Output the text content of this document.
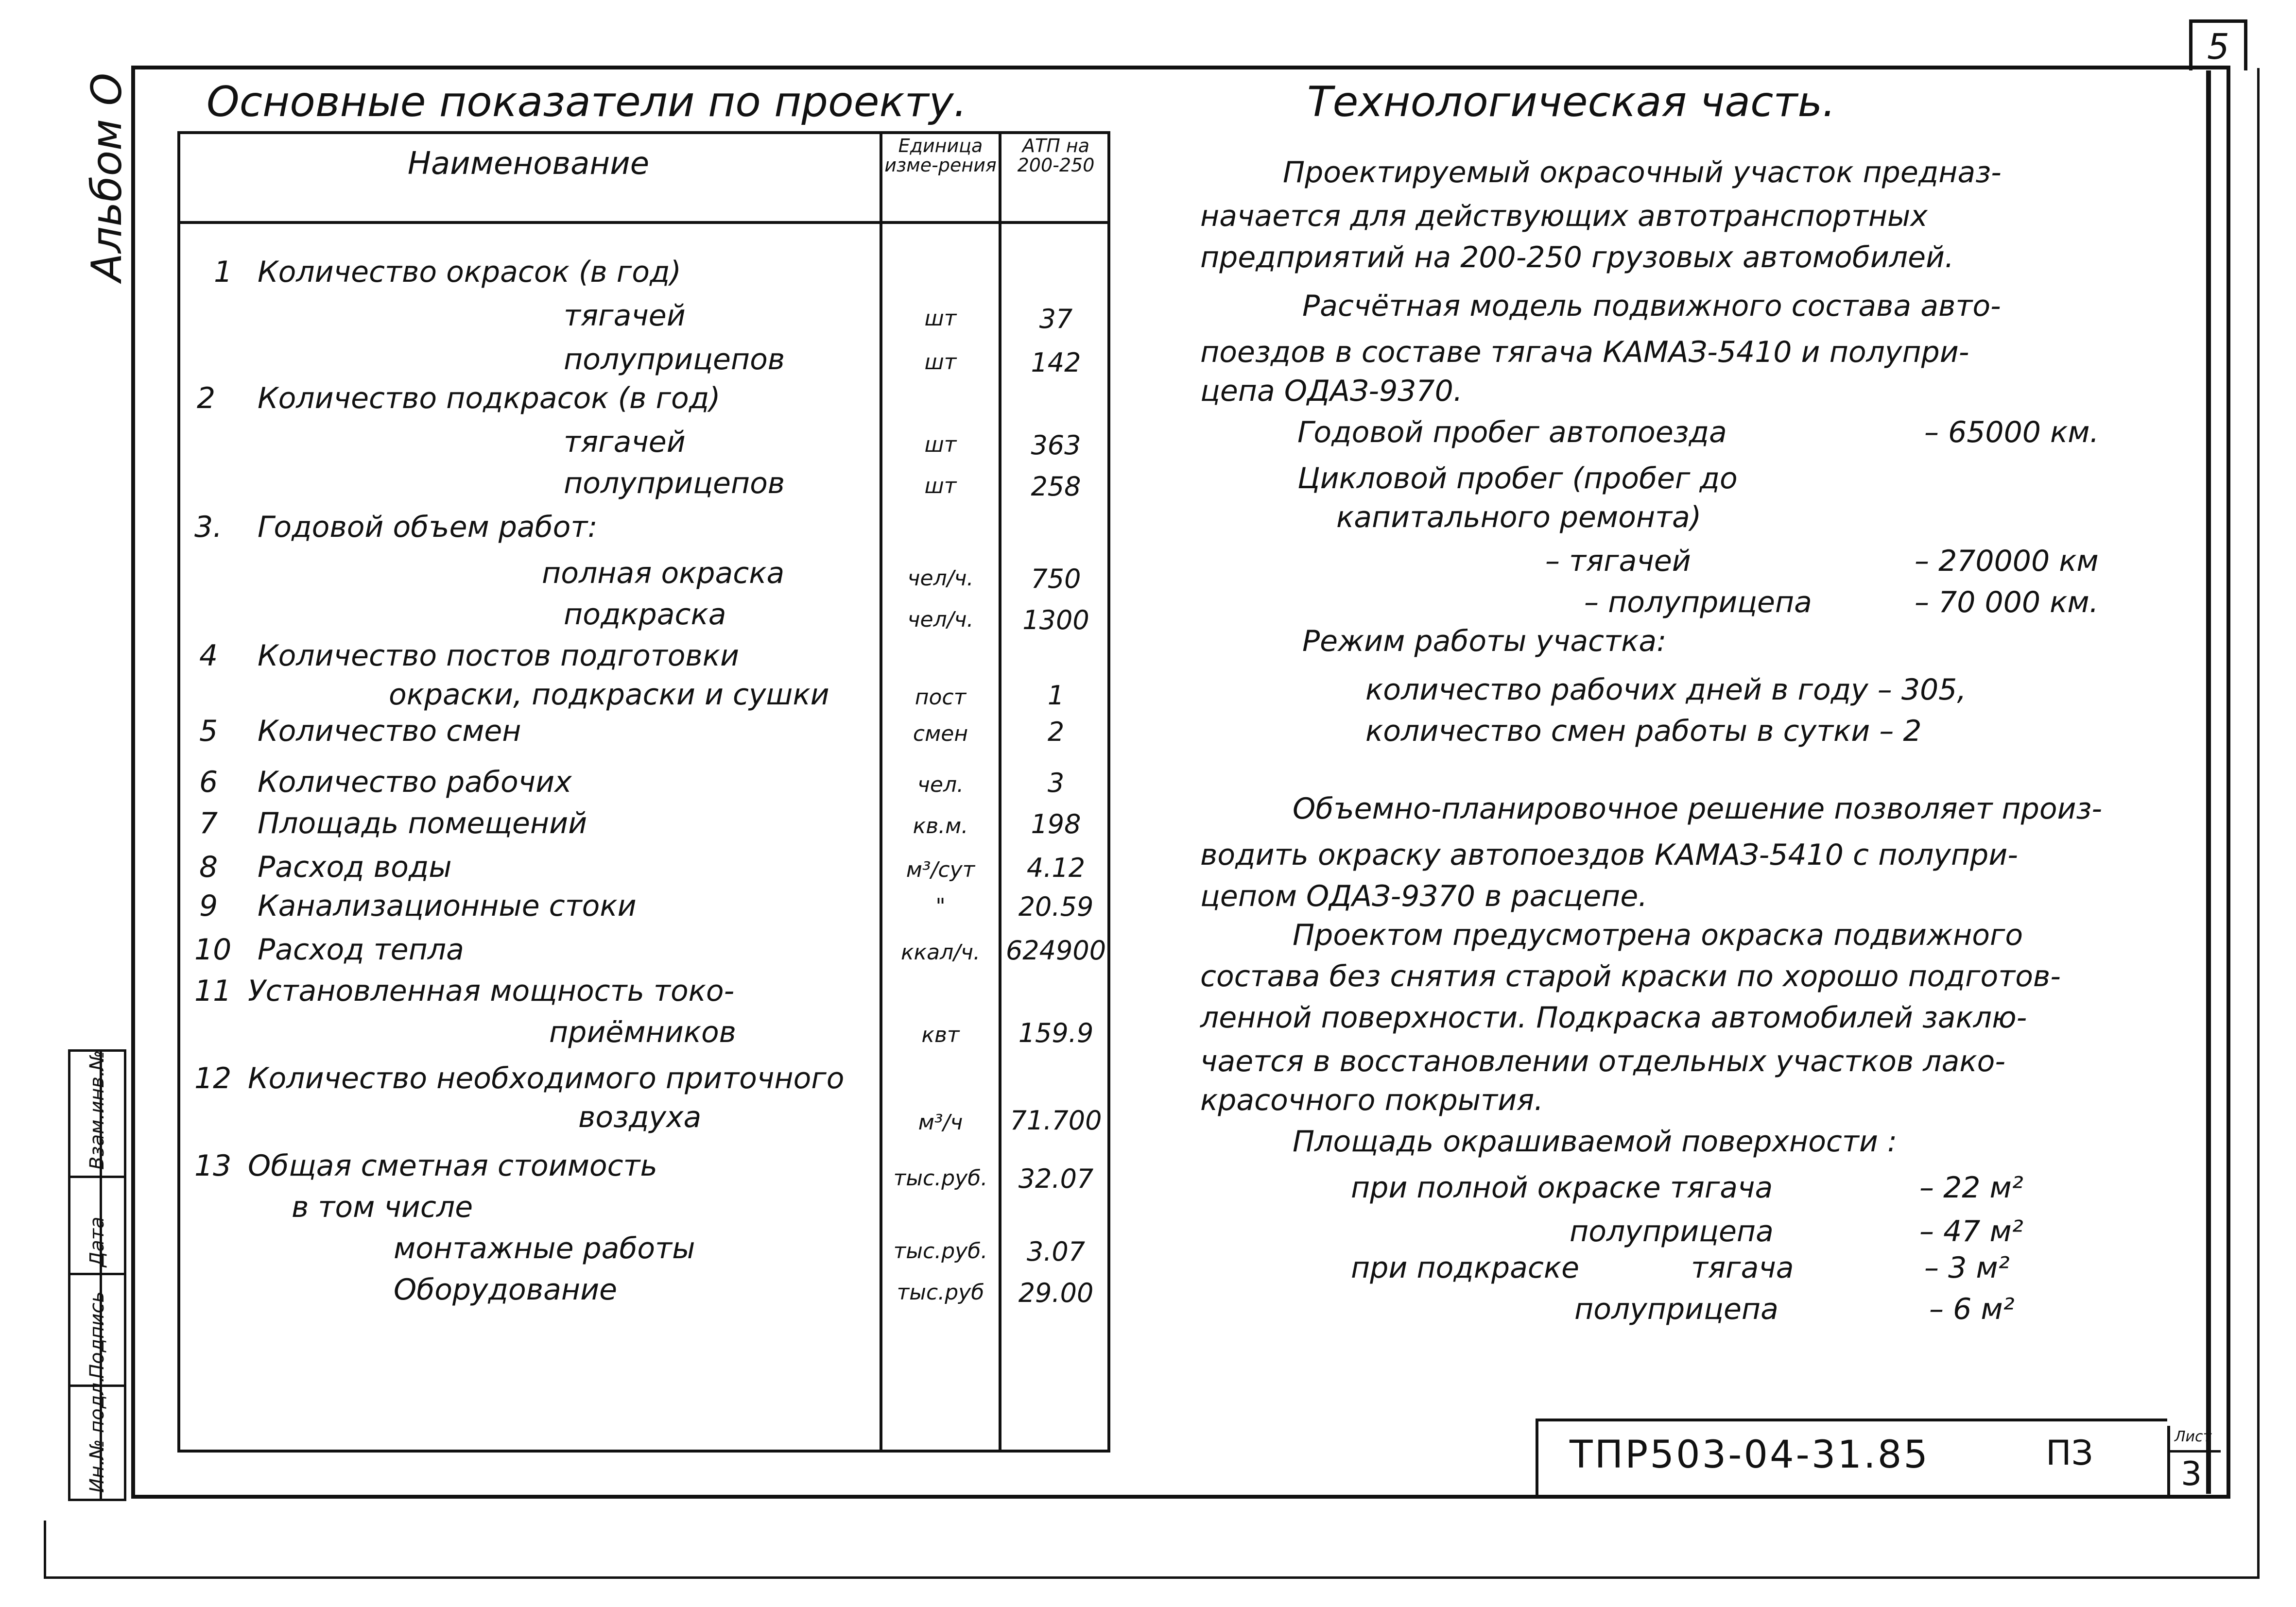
5
Альбом О
Взам.инв.№
Дата
Подпись
Ин.№ подл.
Основные показатели по проекту.
Наименование	Единица изме-рения
АТП на 200-250
1 Количество окрасок (в год)
тягачей	шт	37
полуприцепов	шт	142
2 Количество подкрасок (в год)
тягачей	шт	363
полуприцепов	шт	258
3. Годовой объем работ:
полная окраска	чел/ч.	750
подкраска	чел/ч.	1300
4 Количество постов подготовки
окраски, подкраски и сушки	пост	1
5 Количество смен	смен	2
6 Количество рабочих	чел.	3
7 Площадь помещений	кв.м.	198
8 Расход воды	м³/сут	4.12
9 Канализационные стоки	"	20.59
10 Расход тепла	ккал/ч. 624900
11 Установленная мощность токо-
приёмников	квт	159.9
12 Количество необходимого приточного
воздуха	м³/ч	71.700
13 Общая сметная стоимость	тыс.руб.	32.07
в том числе
монтажные работы	тыс.руб.	3.07
Оборудование	тыс.руб	29.00
Технологическая часть.
Проектируемый окрасочный участок предназ-
начается для действующих автотранспортных
предприятий на 200-250 грузовых автомобилей.
Расчётная модель подвижного состава авто-
поездов в составе тягача КАМАЗ-5410 и полупри-
цепа ОДАЗ-9370.
Годовой пробег автопоезда	– 65000 км.
Цикловой пробег (пробег до
капитального ремонта)
– тягачей	– 270000 км
– полуприцепа	– 70 000 км.
Режим работы участка:
количество рабочих дней в году – 305,
количество смен работы в сутки – 2
Объемно-планировочное решение позволяет произ-
водить окраску автопоездов КАМАЗ-5410 с полупри-
цепом ОДАЗ-9370 в расцепе.
Проектом предусмотрена окраска подвижного
состава без снятия старой краски по хорошо подготов-
ленной поверхности. Подкраска автомобилей заклю-
чается в восстановлении отдельных участков лако-
красочного покрытия.
Площадь окрашиваемой поверхности :
при полной окраске тягача	– 22 м²
полуприцепа	– 47 м²
при подкраске	тягача	– 3 м²
полуприцепа	– 6 м²
ТПР503-04-31.85	ПЗ	Лист
3
